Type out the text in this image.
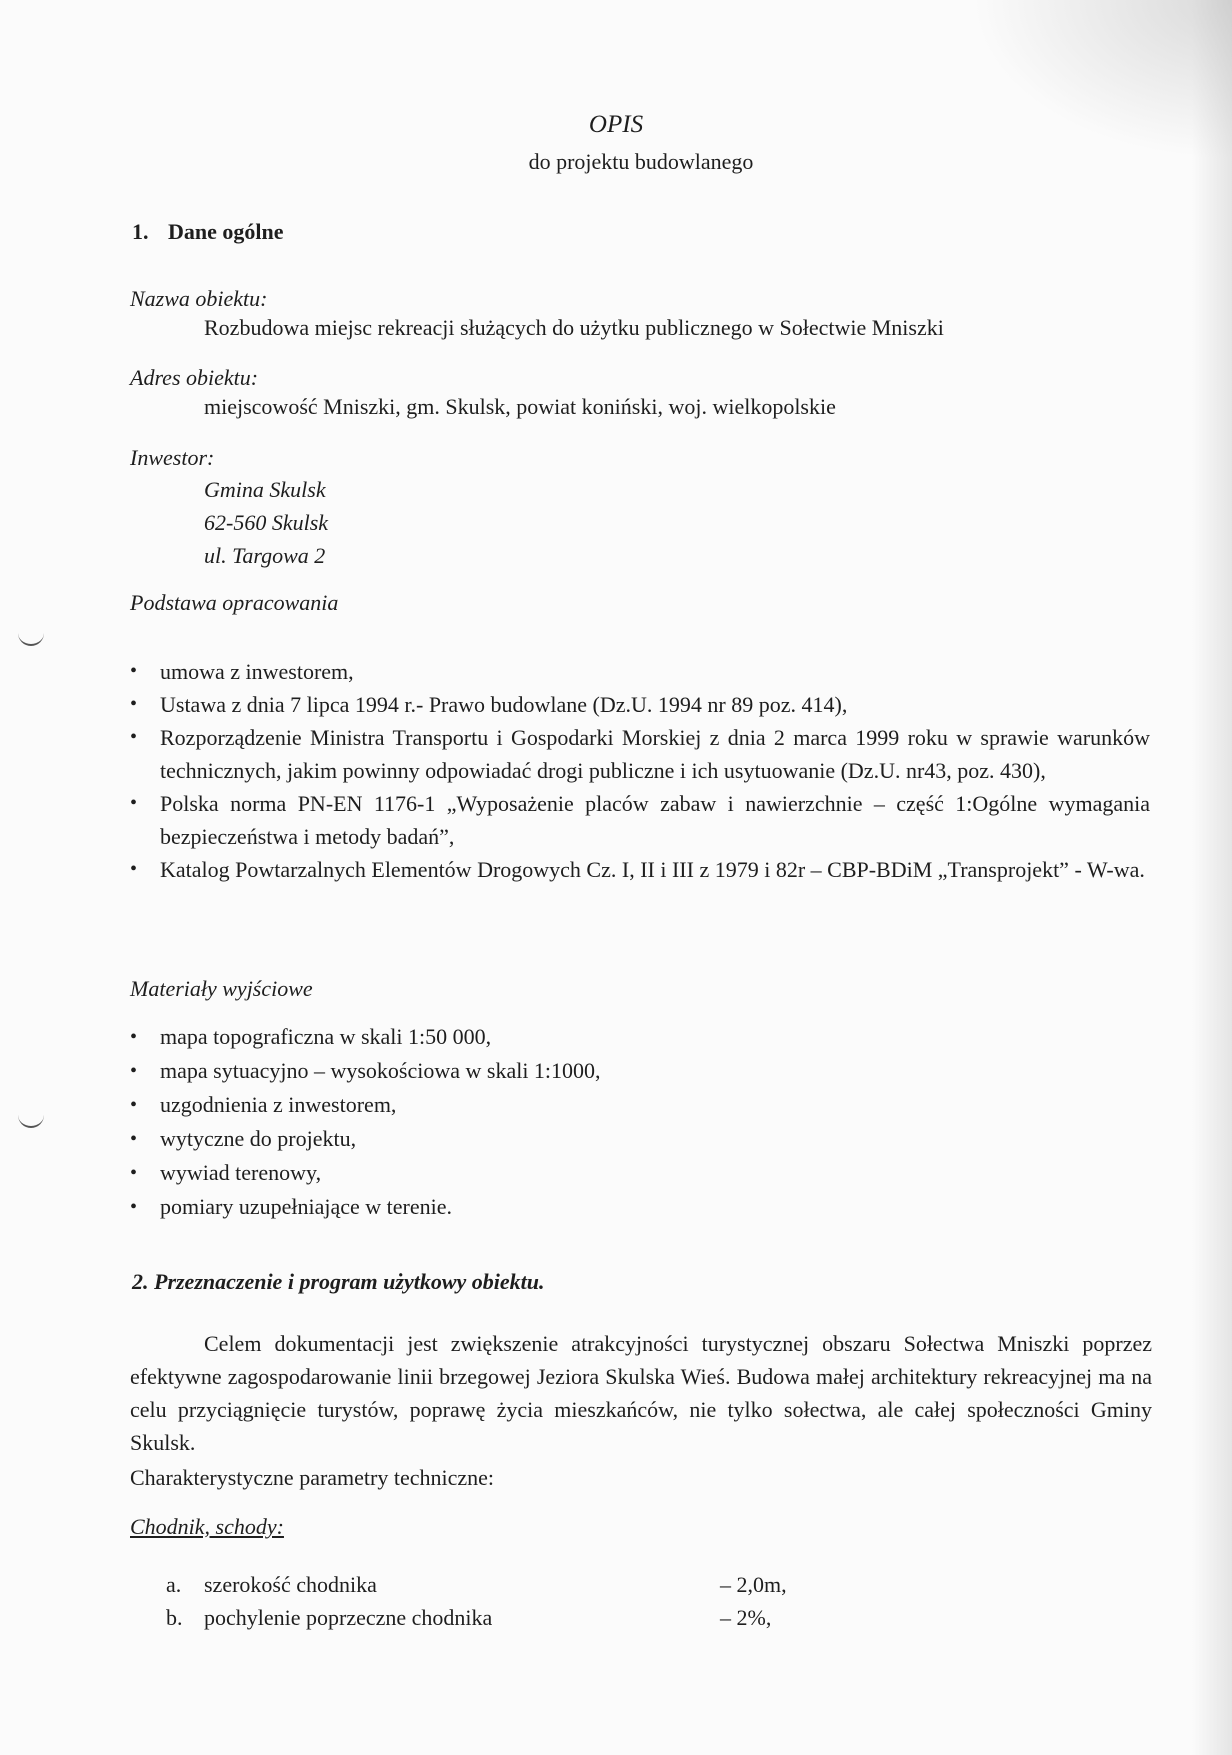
OPIS
do projektu budowlanego
1. Dane ogólne
Nazwa obiektu:
Rozbudowa miejsc rekreacji służących do użytku publicznego w Sołectwie Mniszki
Adres obiektu:
miejscowość Mniszki, gm. Skulsk, powiat koniński, woj. wielkopolskie
Inwestor:
Gmina Skulsk
62-560 Skulsk
ul. Targowa 2
Podstawa opracowania
• umowa z inwestorem,
• Ustawa z dnia 7 lipca 1994 r.- Prawo budowlane (Dz.U. 1994 nr 89 poz. 414),
• Rozporządzenie Ministra Transportu i Gospodarki Morskiej z dnia 2 marca 1999 roku w sprawie warunków technicznych, jakim powinny odpowiadać drogi publiczne i ich usytuowanie (Dz.U. nr43, poz. 430),
• Polska norma PN-EN 1176-1 „Wyposażenie placów zabaw i nawierzchnie – część 1:Ogólne wymagania bezpieczeństwa i metody badań”,
• Katalog Powtarzalnych Elementów Drogowych Cz. I, II i III z 1979 i 82r – CBP-BDiM „Transprojekt” - W-wa.
Materiały wyjściowe
• mapa topograficzna w skali 1:50 000,
• mapa sytuacyjno – wysokościowa w skali 1:1000,
• uzgodnienia z inwestorem,
• wytyczne do projektu,
• wywiad terenowy,
• pomiary uzupełniające w terenie.
2. Przeznaczenie i program użytkowy obiektu.

Celem dokumentacji jest zwiększenie atrakcyjności turystycznej obszaru Sołectwa Mniszki poprzez efektywne zagospodarowanie linii brzegowej Jeziora Skulska Wieś. Budowa małej architektury rekreacyjnej ma na celu przyciągnięcie turystów, poprawę życia mieszkańców, nie tylko sołectwa, ale całej społeczności Gminy Skulsk.

Charakterystyczne parametry techniczne:
Chodnik, schody:
a. szerokość chodnika	– 2,0m,
b. pochylenie poprzeczne chodnika	– 2%,
